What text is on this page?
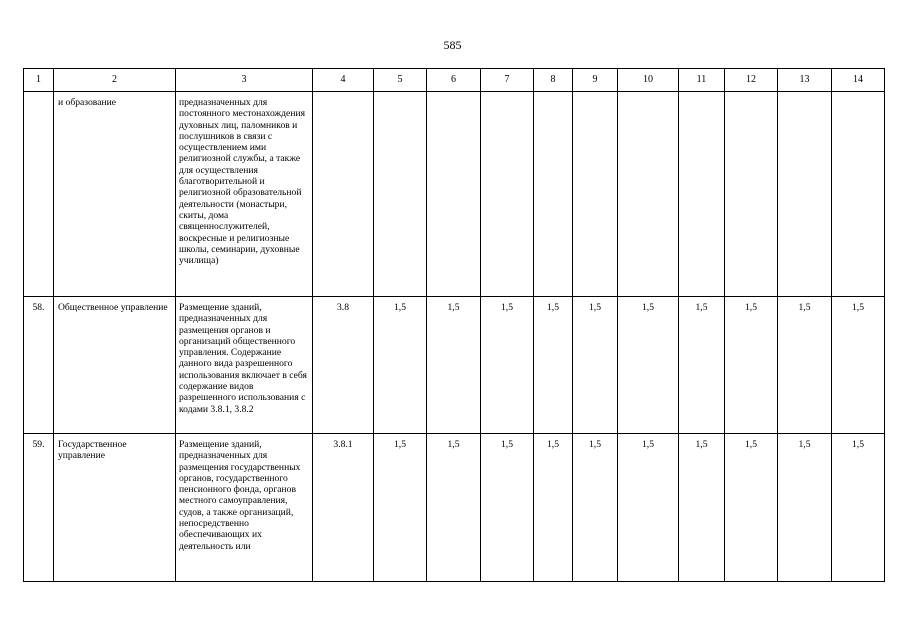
585
1	2	3	4	5	6	7	8	9	10	11	12	13	14
	и образование	предназначенных для постоянного местонахождения духовных лиц, паломников и послушников в связи с осуществлением ими религиозной службы, а также для осуществления благотворительной и религиозной образовательной деятельности (монастыри, скиты, дома священнослужителей, воскресные и религиозные школы, семинарии, духовные училища)											
58.	Общественное управление	Размещение зданий, предназначенных для размещения органов и организаций общественного управления. Содержание данного вида разрешенного использования включает в себя содержание видов разрешенного использования с кодами 3.8.1, 3.8.2	3.8	1,5	1,5	1,5	1,5	1,5	1,5	1,5	1,5	1,5	1,5
59.	Государственное управление	Размещение зданий, предназначенных для размещения государственных органов, государственного пенсионного фонда, органов местного самоуправления, судов, а также организаций, непосредственно обеспечивающих их деятельность или	3.8.1	1,5	1,5	1,5	1,5	1,5	1,5	1,5	1,5	1,5	1,5
